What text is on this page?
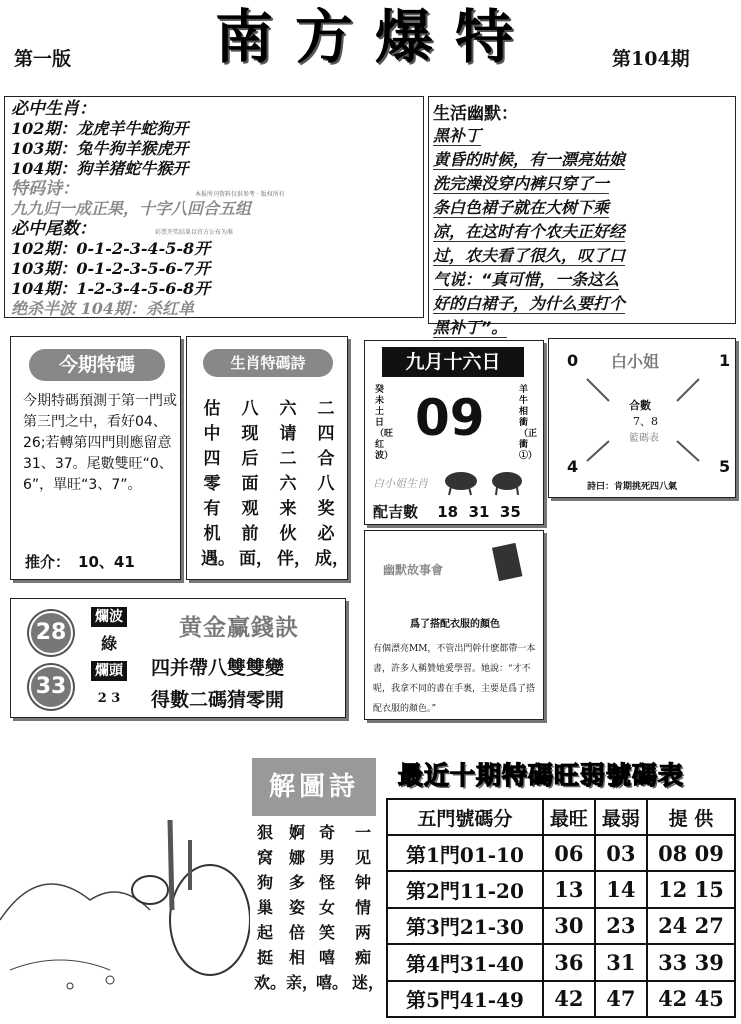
第一版	南方爆特	第104期
必中生肖：
102期：龙虎羊牛蛇狗开
103期：兔牛狗羊猴虎开
104期：狗羊猪蛇牛猴开
特码诗：
九九归一成正果，十字八回合五组
必中尾数：
102期：0-1-2-3-4-5-8开
103期：0-1-2-3-5-6-7开
104期：1-2-3-4-5-6-8开
绝杀半波 104期：杀红单
本报所刊资料仅供参考 · 版权所有
彩票开奖结果以官方公布为准
生活幽默：
黑补丁
黄昏的时候，有一漂亮姑娘
洗完澡没穿内裤只穿了一
条白色裙子就在大树下乘
凉，在这时有个农夫正好经
过，农夫看了很久，叹了口
气说：“真可惜，一条这么
好的白裙子，为什么要打个
黑补丁”。
今期特碼
今期特碼預測于第一門或第三門之中，看好04、26;若轉第四門則應留意31、37。尾數雙旺“0、6”，單旺“3、7”。
推介： 10、41
生肖特碼詩
二四合八奖必成，
六请二六来伙伴，
八现后面观前面，
估中四零有机遇。
九月十六日
癸未土日（旺红波）
羊牛相衝（正衝①）
09
白小姐生肖
配吉數 18  31  35
白小姐
0	1
4	5
合數
7、8
籃碼表
詩曰：肯期挑死四八氣
幽默故事會
爲了搭配衣服的顏色
有個漂亮MM，不管出門幹什麽都帶一本書，許多人稱贊她愛學習。她說：“才不呢，我拿不同的書在手裏，主要是爲了搭配衣服的顏色。”
28
爛波
綠
33
爛頭
2 3
黄金赢錢訣
四并帶八雙雙變
得數二碼猜零開
解圖詩
一见钟情两痴迷，
奇男怪女笑嘻嘻。
婀娜多姿倍相亲，
狠窝狗巢起挺欢。
最近十期特碼旺弱號碼表
五門號碼分	最旺	最弱	提 供
第1門01-10	06	03	08 09
第2門11-20	13	14	12 15
第3門21-30	30	23	24 27
第4門31-40	36	31	33 39
第5門41-49	42	47	42 45
